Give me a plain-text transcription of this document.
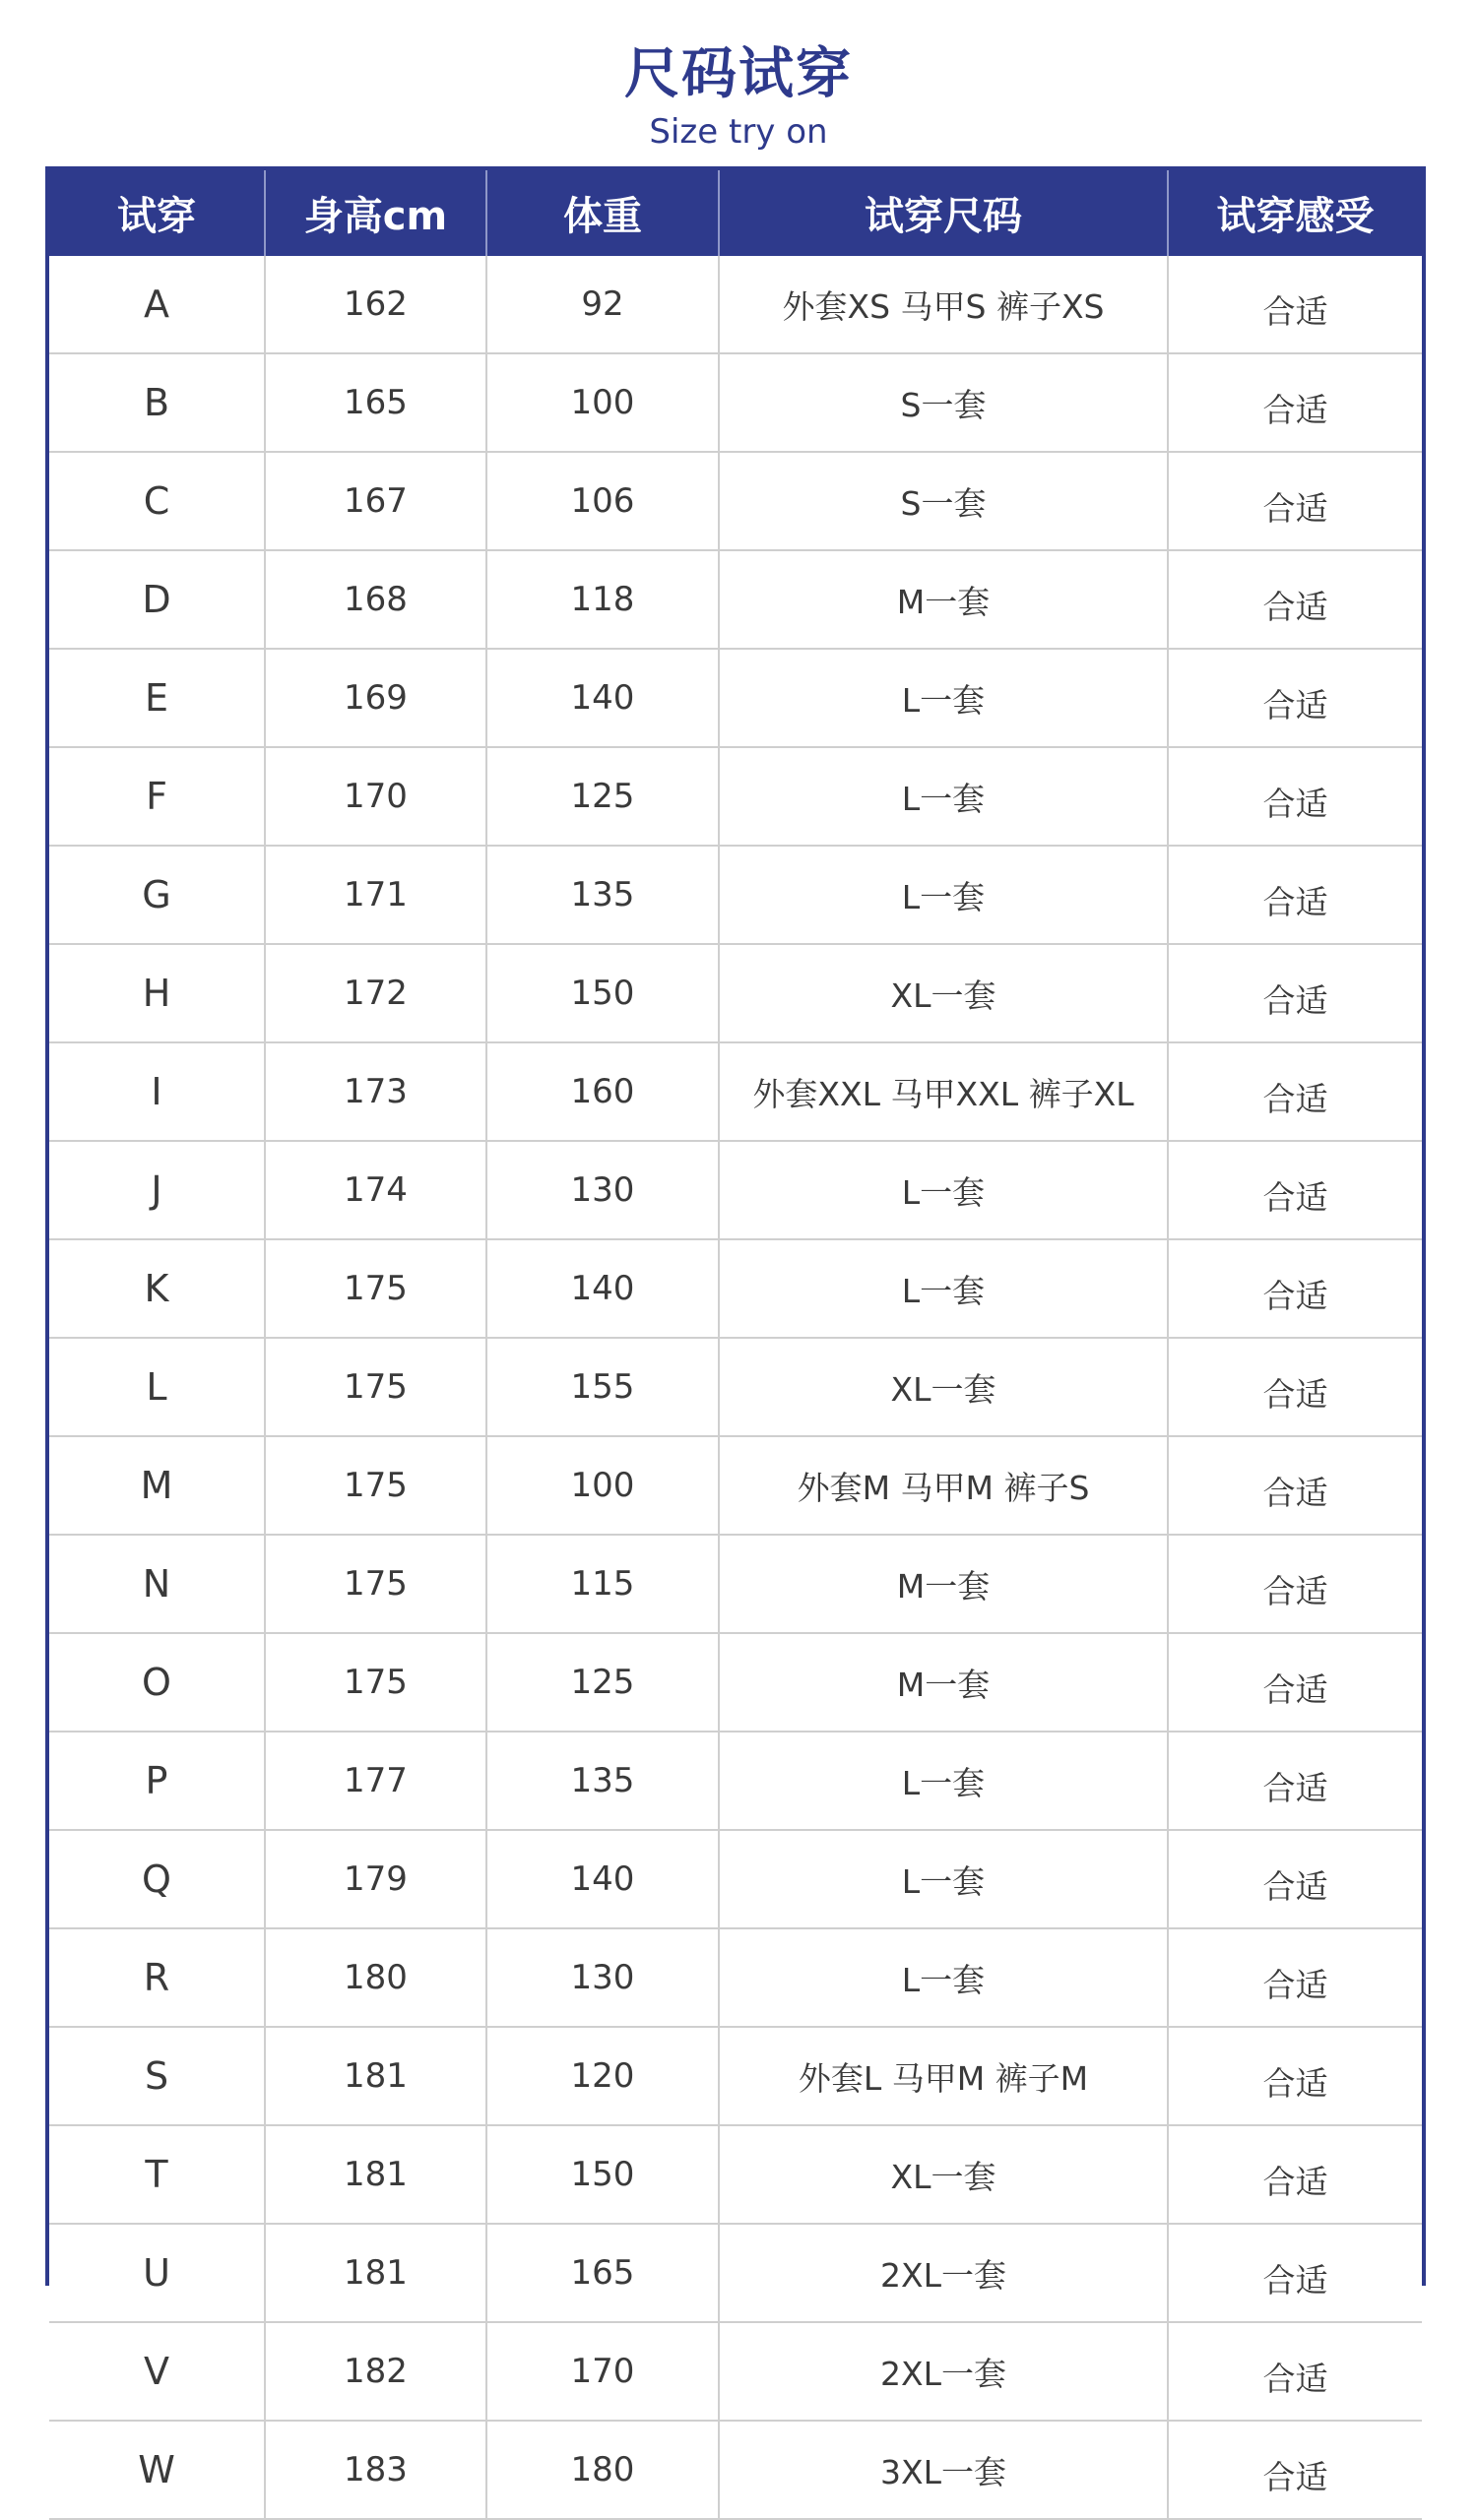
尺码试穿
Size try on
试穿	身高cm	体重	试穿尺码	试穿感受
A	162	92	外套XS 马甲S 裤子XS	合适
B	165	100	S一套	合适
C	167	106	S一套	合适
D	168	118	M一套	合适
E	169	140	L一套	合适
F	170	125	L一套	合适
G	171	135	L一套	合适
H	172	150	XL一套	合适
I	173	160	外套XXL 马甲XXL 裤子XL	合适
J	174	130	L一套	合适
K	175	140	L一套	合适
L	175	155	XL一套	合适
M	175	100	外套M 马甲M 裤子S	合适
N	175	115	M一套	合适
O	175	125	M一套	合适
P	177	135	L一套	合适
Q	179	140	L一套	合适
R	180	130	L一套	合适
S	181	120	外套L 马甲M 裤子M	合适
T	181	150	XL一套	合适
U	181	165	2XL一套	合适
V	182	170	2XL一套	合适
W	183	180	3XL一套	合适
